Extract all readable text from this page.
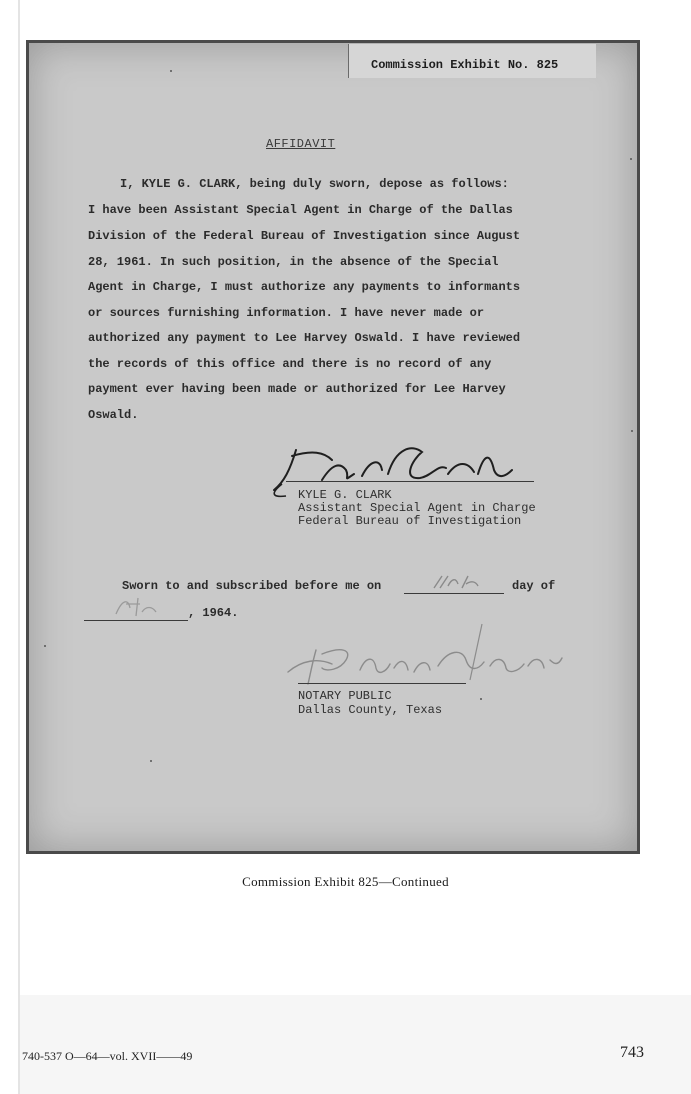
Commission Exhibit No. 825
AFFIDAVIT
I, KYLE G. CLARK, being duly sworn, depose as follows:
I have been Assistant Special Agent in Charge of the Dallas
Division of the Federal Bureau of Investigation since August
28, 1961. In such position, in the absence of the Special
Agent in Charge, I must authorize any payments to informants
or sources furnishing information. I have never made or
authorized any payment to Lee Harvey Oswald. I have reviewed
the records of this office and there is no record of any
payment ever having been made or authorized for Lee Harvey
Oswald.
KYLE G. CLARK
Assistant Special Agent in Charge
Federal Bureau of Investigation
Sworn to and subscribed before me on	day of
, 1964.
NOTARY PUBLIC
Dallas County, Texas
Commission Exhibit 825—Continued
740-537 O—64—vol. XVII——49	743
